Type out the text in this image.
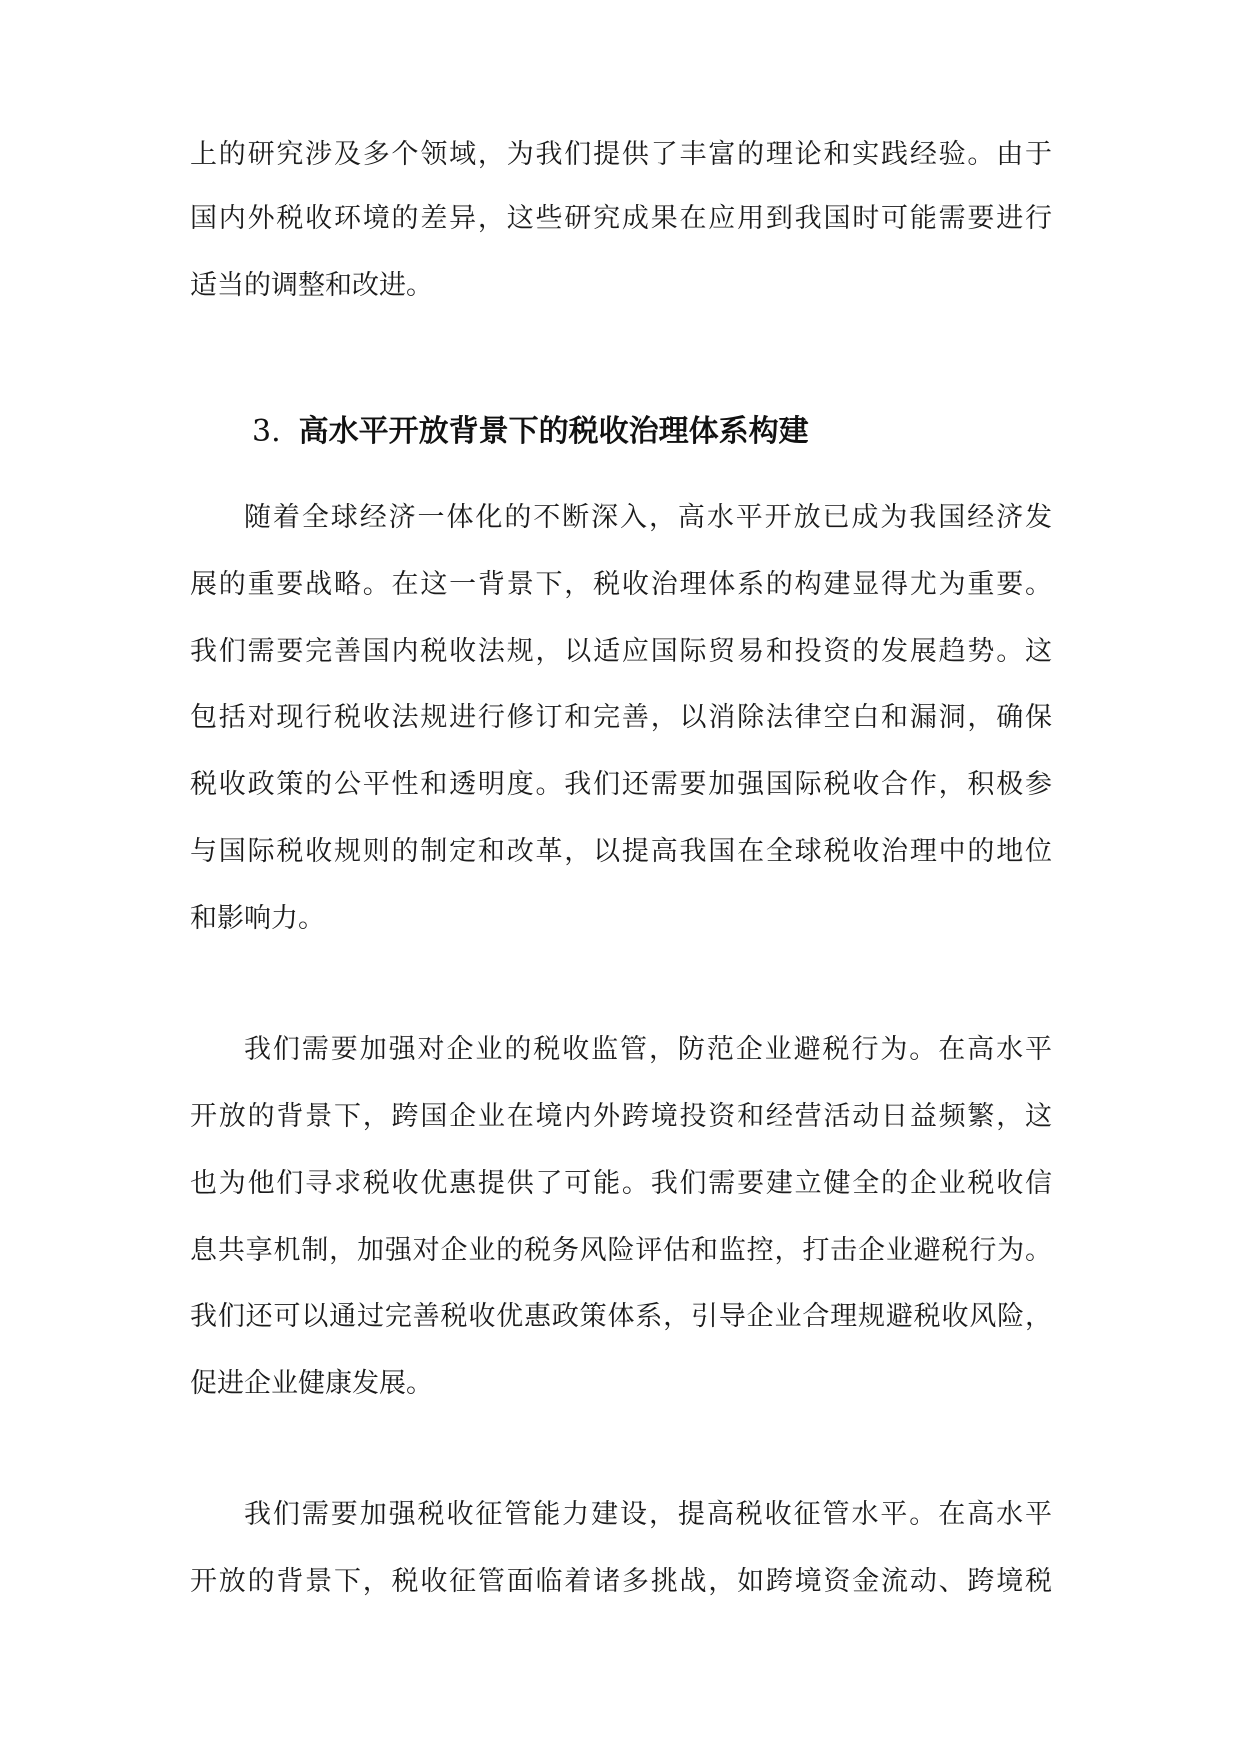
上的研究涉及多个领域，为我们提供了丰富的理论和实践经验。由于
国内外税收环境的差异，这些研究成果在应用到我国时可能需要进行
适当的调整和改进。
3. 高水平开放背景下的税收治理体系构建
随着全球经济一体化的不断深入，高水平开放已成为我国经济发
展的重要战略。在这一背景下，税收治理体系的构建显得尤为重要。
我们需要完善国内税收法规，以适应国际贸易和投资的发展趋势。这
包括对现行税收法规进行修订和完善，以消除法律空白和漏洞，确保
税收政策的公平性和透明度。我们还需要加强国际税收合作，积极参
与国际税收规则的制定和改革，以提高我国在全球税收治理中的地位
和影响力。
我们需要加强对企业的税收监管，防范企业避税行为。在高水平
开放的背景下，跨国企业在境内外跨境投资和经营活动日益频繁，这
也为他们寻求税收优惠提供了可能。我们需要建立健全的企业税收信
息共享机制，加强对企业的税务风险评估和监控，打击企业避税行为。
我们还可以通过完善税收优惠政策体系，引导企业合理规避税收风险，
促进企业健康发展。
我们需要加强税收征管能力建设，提高税收征管水平。在高水平
开放的背景下，税收征管面临着诸多挑战，如跨境资金流动、跨境税
